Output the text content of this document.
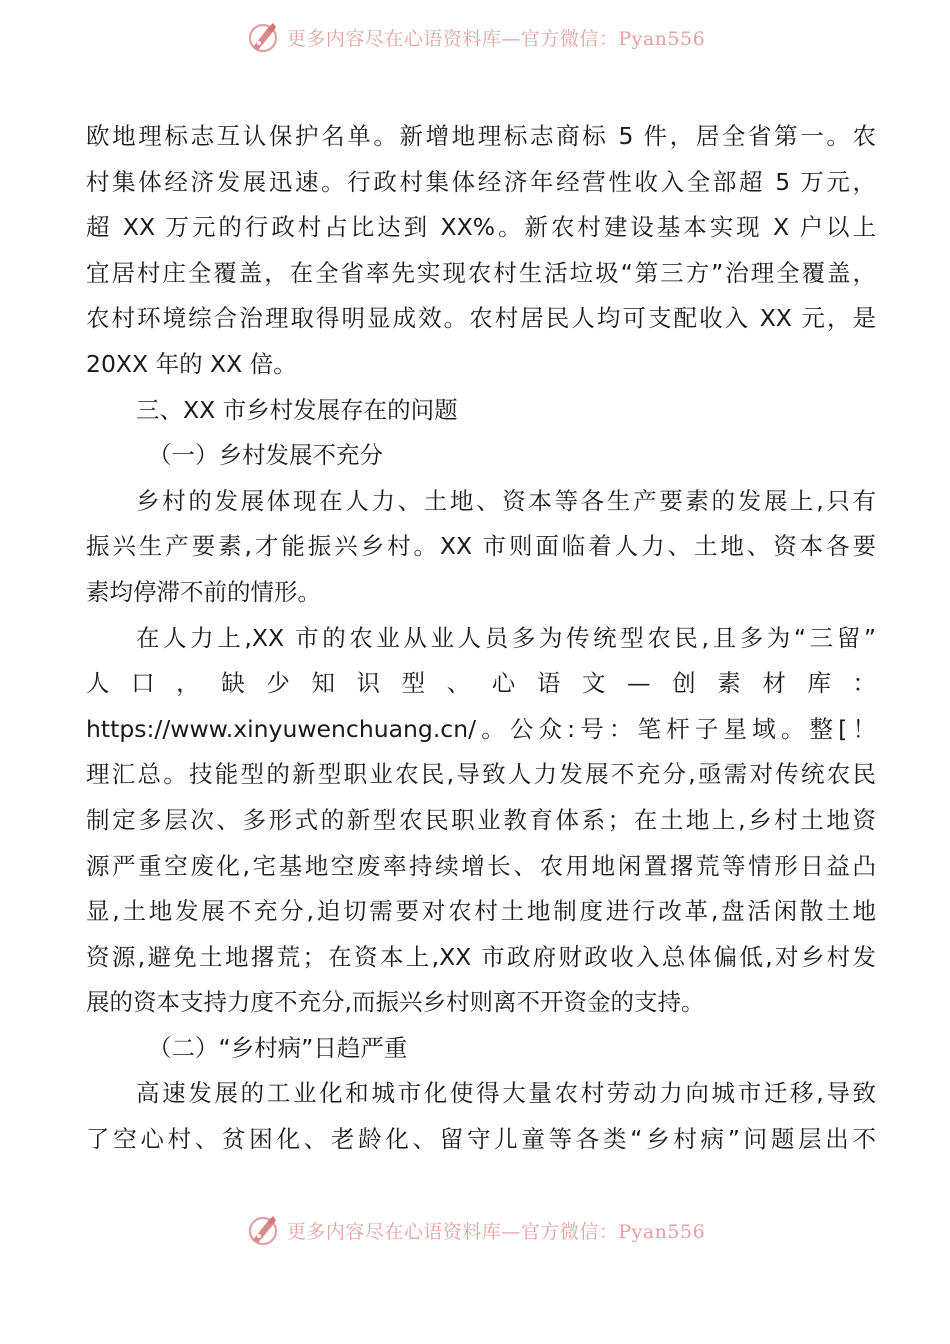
更多内容尽在心语资料库—官方微信：Pyan556
欧地理标志互认保护名单。新增地理标志商标 5 件，居全省第一。农
村集体经济发展迅速。行政村集体经济年经营性收入全部超 5 万元，
超 XX 万元的行政村占比达到 XX%。新农村建设基本实现 X 户以上
宜居村庄全覆盖，在全省率先实现农村生活垃圾“第三方”治理全覆盖，
农村环境综合治理取得明显成效。农村居民人均可支配收入 XX 元，是
20XX 年的 XX 倍。
三、XX 市乡村发展存在的问题
（一）乡村发展不充分
乡村的发展体现在人力、土地、资本等各生产要素的发展上,只有
振兴生产要素,才能振兴乡村。XX 市则面临着人力、土地、资本各要
素均停滞不前的情形。
在人力上,XX 市的农业从业人员多为传统型农民,且多为“三留”
人口，缺少知识型、心语文—创素材库：
https://www.xinyuwenchuang.cn/。公众:号：笔杆子星域。整[！
理汇总。技能型的新型职业农民,导致人力发展不充分,亟需对传统农民
制定多层次、多形式的新型农民职业教育体系；在土地上,乡村土地资
源严重空废化,宅基地空废率持续增长、农用地闲置撂荒等情形日益凸
显,土地发展不充分,迫切需要对农村土地制度进行改革,盘活闲散土地
资源,避免土地撂荒；在资本上,XX 市政府财政收入总体偏低,对乡村发
展的资本支持力度不充分,而振兴乡村则离不开资金的支持。
（二）“乡村病”日趋严重
高速发展的工业化和城市化使得大量农村劳动力向城市迁移,导致
了空心村、贫困化、老龄化、留守儿童等各类“乡村病”问题层出不
更多内容尽在心语资料库—官方微信：Pyan556
